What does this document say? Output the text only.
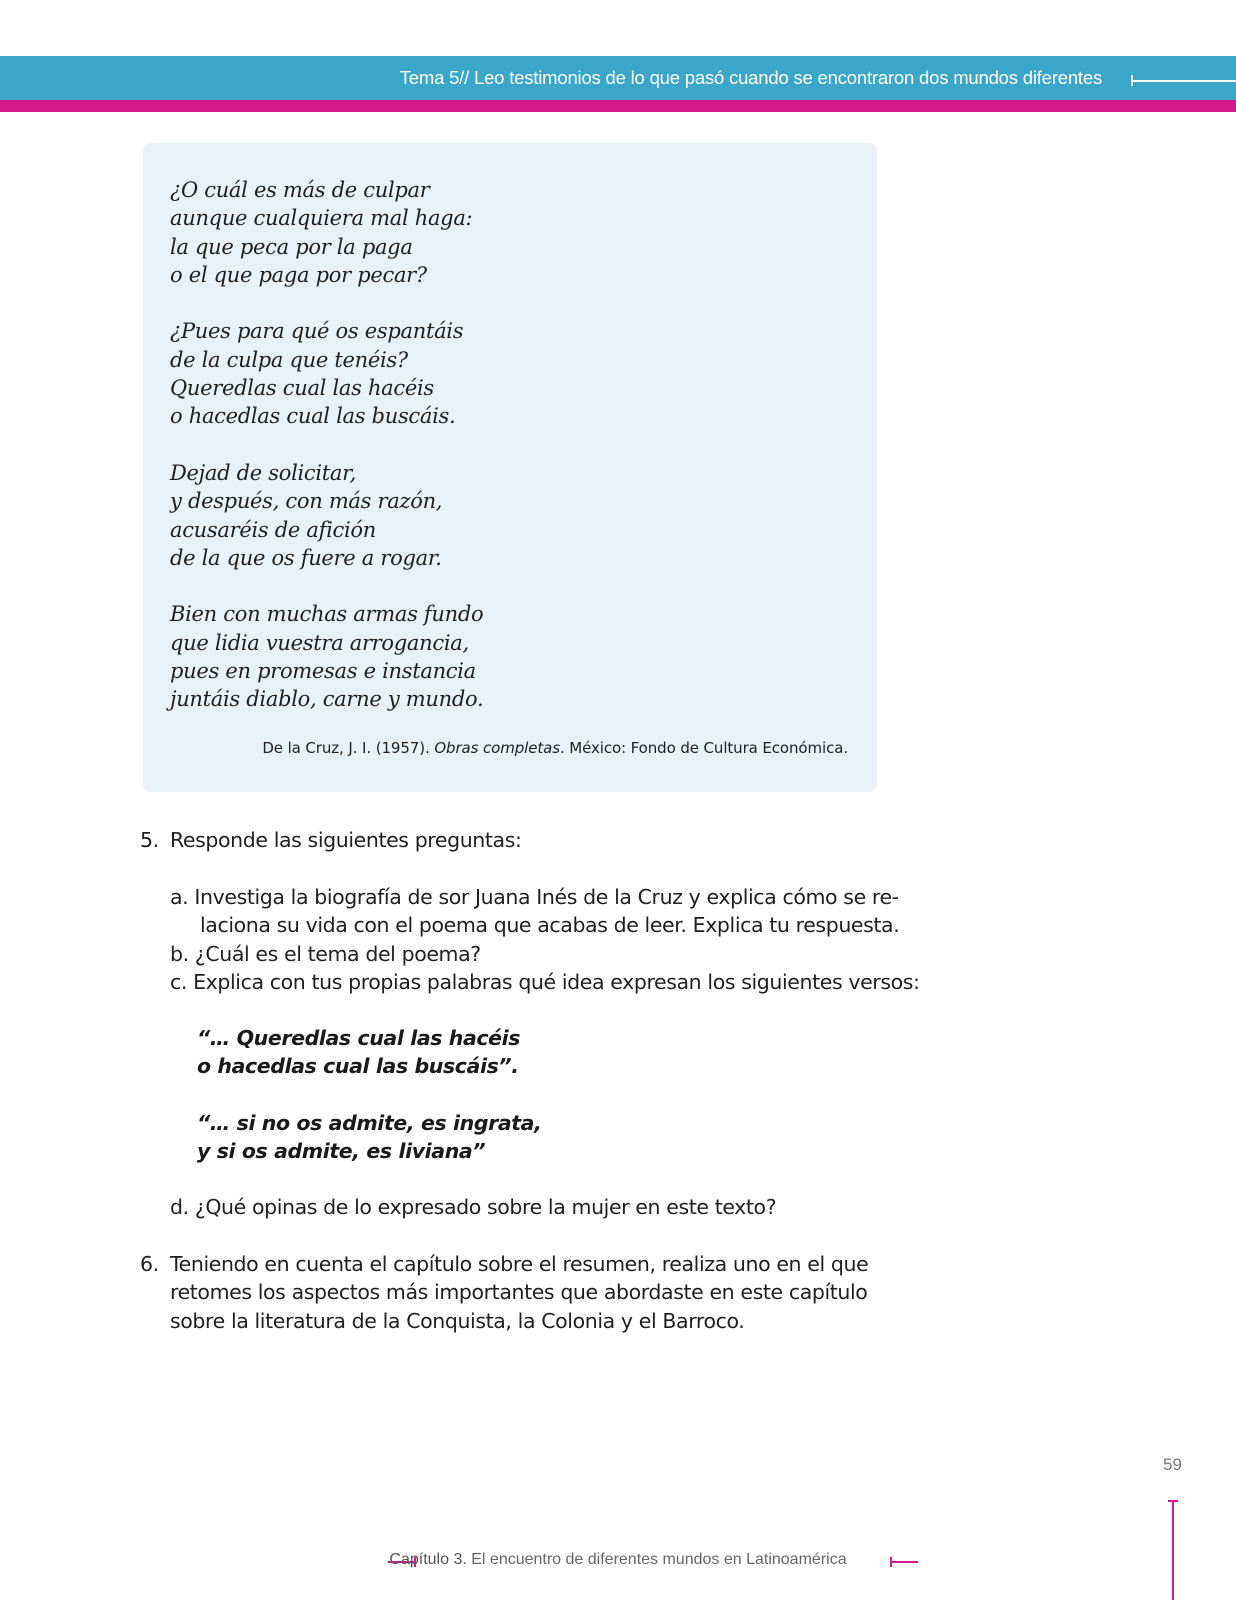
Tema 5// Leo testimonios de lo que pasó cuando se encontraron dos mundos diferentes
¿O cuál es más de culpar
aunque cualquiera mal haga:
la que peca por la paga
o el que paga por pecar?
¿Pues para qué os espantáis
de la culpa que tenéis?
Queredlas cual las hacéis
o hacedlas cual las buscáis.
Dejad de solicitar,
y después, con más razón,
acusaréis de afición
de la que os fuere a rogar.
Bien con muchas armas fundo
que lidia vuestra arrogancia,
pues en promesas e instancia
juntáis diablo, carne y mundo.
De la Cruz, J. I. (1957). Obras completas. México: Fondo de Cultura Económica.
5. Responde las siguientes preguntas:
a. Investiga la biografía de sor Juana Inés de la Cruz y explica cómo se re-
laciona su vida con el poema que acabas de leer. Explica tu respuesta.
b. ¿Cuál es el tema del poema?
c. Explica con tus propias palabras qué idea expresan los siguientes versos:
“… Queredlas cual las hacéis
o hacedlas cual las buscáis”.
“… si no os admite, es ingrata,
y si os admite, es liviana”
d. ¿Qué opinas de lo expresado sobre la mujer en este texto?
6. Teniendo en cuenta el capítulo sobre el resumen, realiza uno en el que
retomes los aspectos más importantes que abordaste en este capítulo
sobre la literatura de la Conquista, la Colonia y el Barroco.
59
Capítulo 3. El encuentro de diferentes mundos en Latinoamérica
